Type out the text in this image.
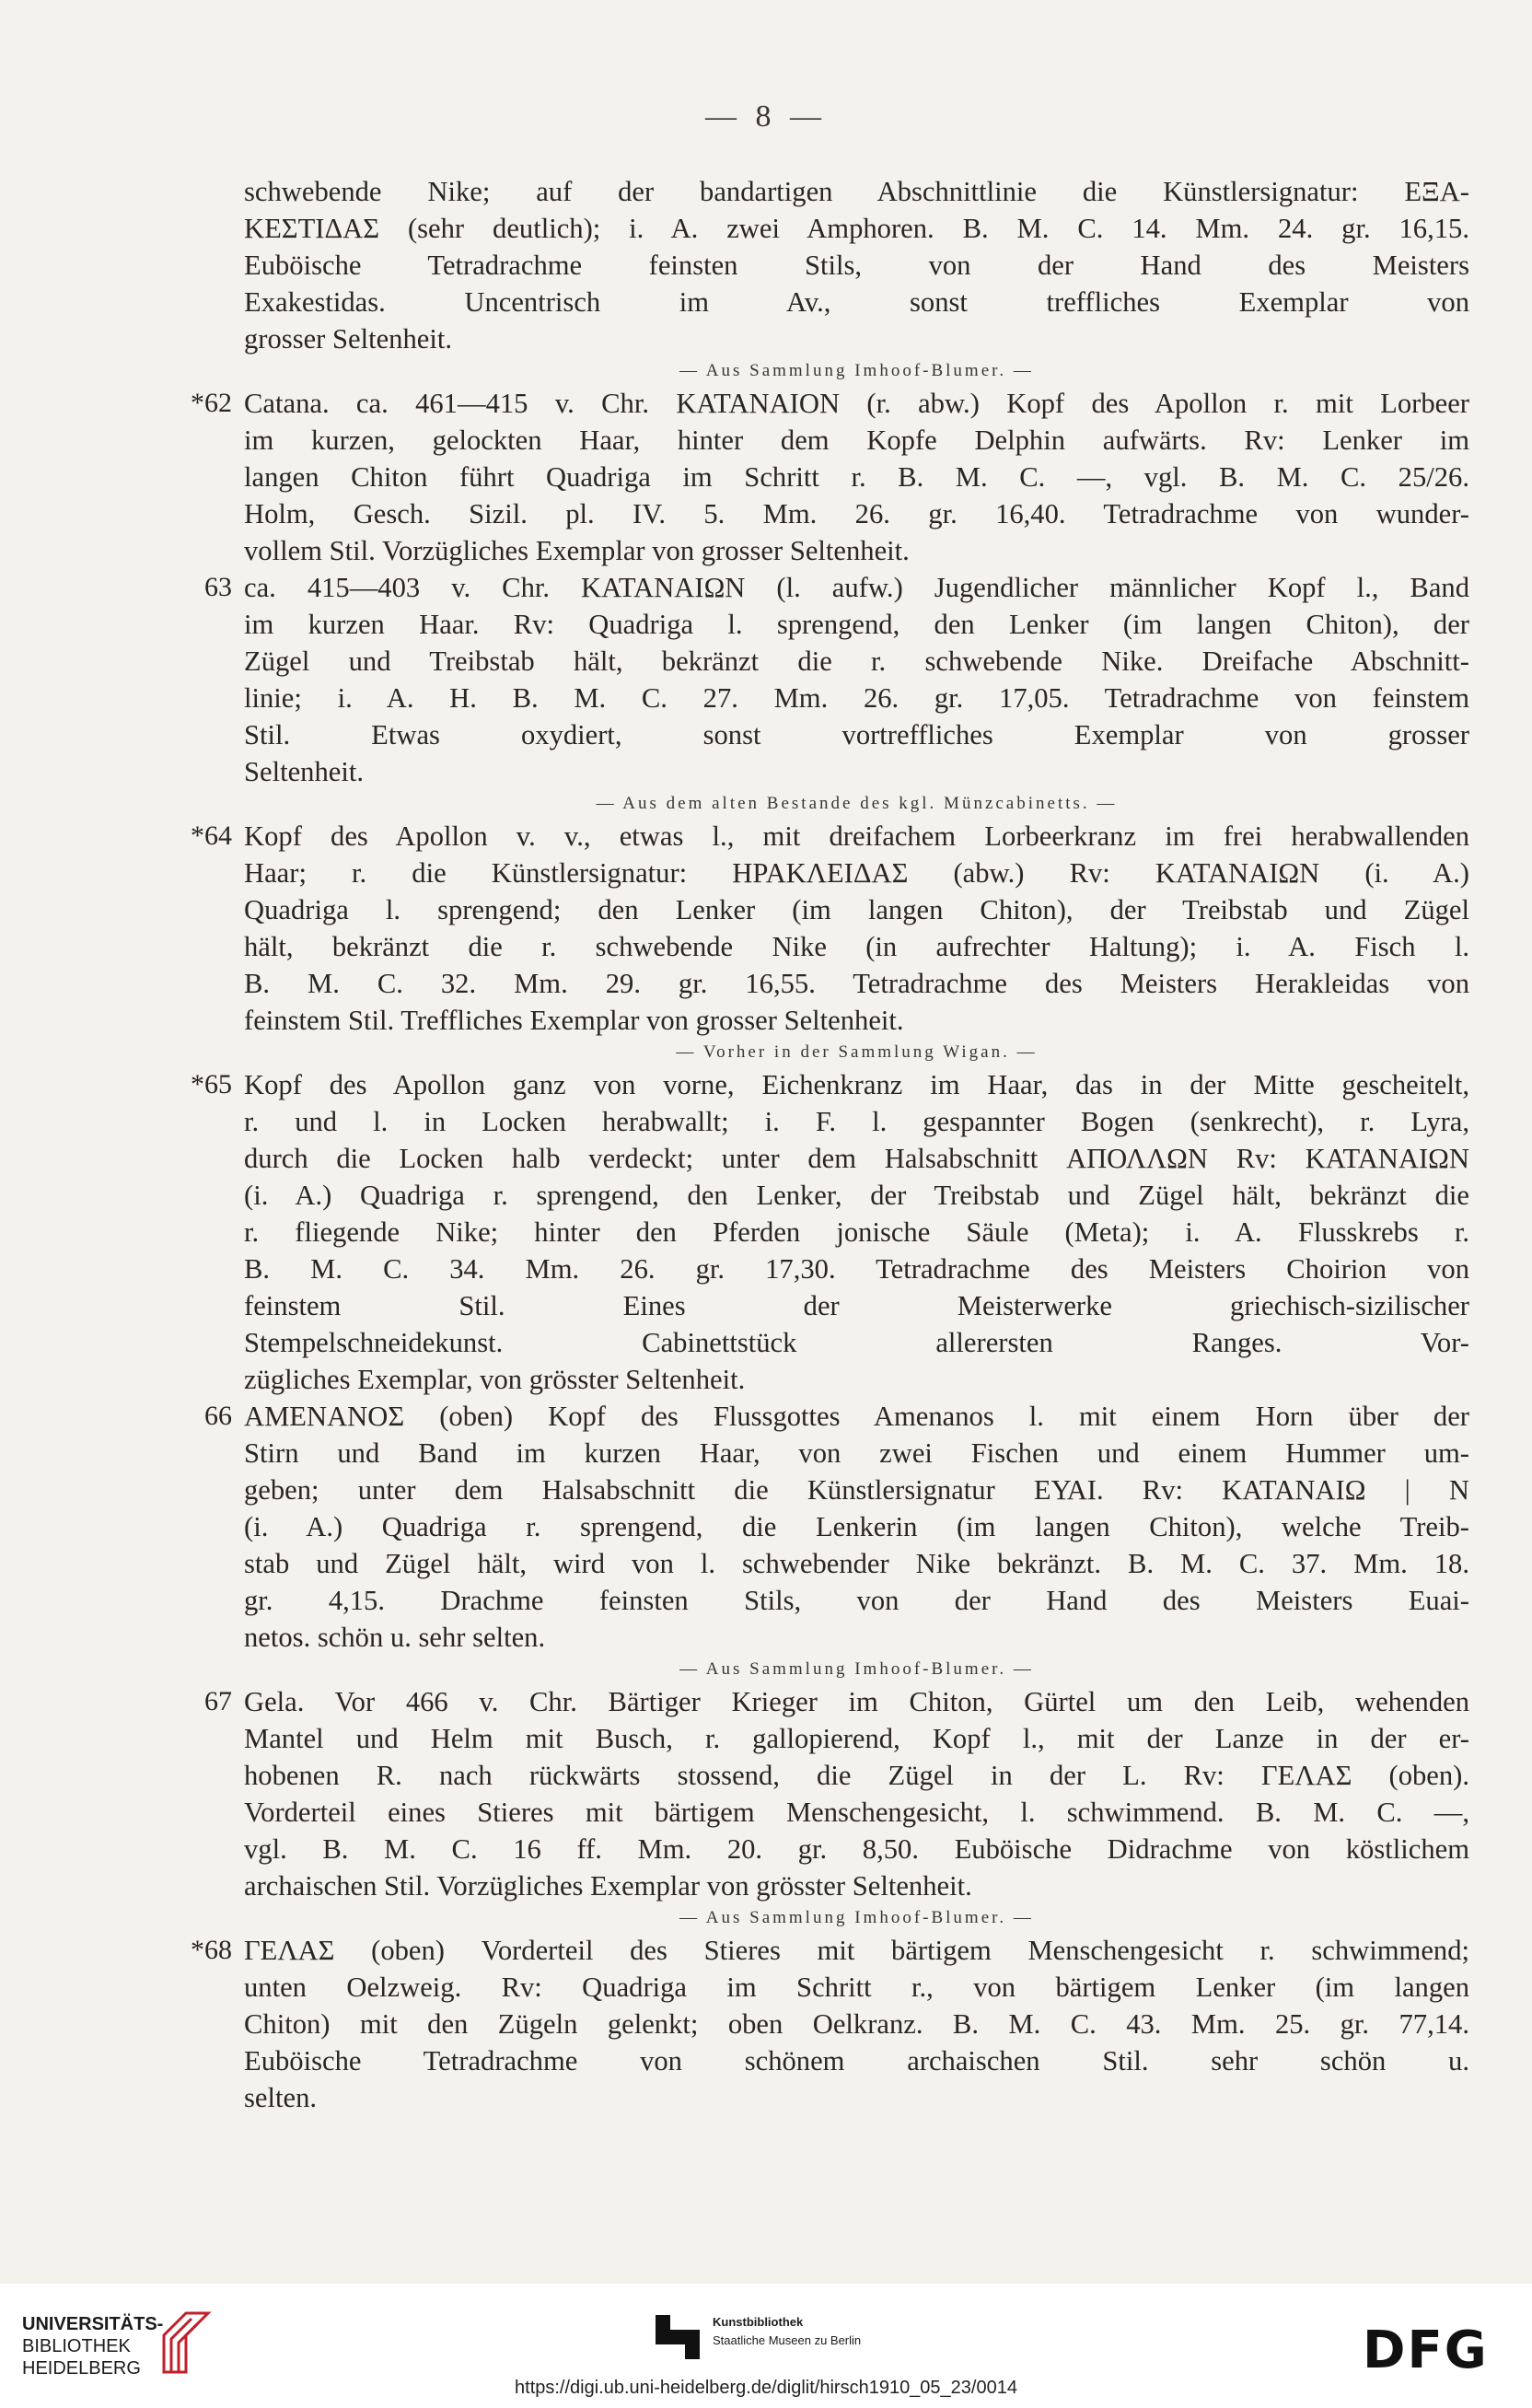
— 8 —
schwebende Nike; auf der bandartigen Abschnittlinie die Künstlersignatur: ΕΞΑ-
ΚΕΣΤΙΔΑΣ (sehr deutlich); i. A. zwei Amphoren. B. M. C. 14. Mm. 24. gr. 16,15.
Euböische Tetradrachme feinsten Stils, von der Hand des Meisters
Exakestidas. Uncentrisch im Av., sonst treffliches Exemplar von
grosser Seltenheit.
— Aus Sammlung Imhoof-Blumer. —
*62 Catana. ca. 461—415 v. Chr. ΚΑΤΑΝΑΙΟΝ (r. abw.) Kopf des Apollon r. mit Lorbeer
im kurzen, gelockten Haar, hinter dem Kopfe Delphin aufwärts. Rv: Lenker im
langen Chiton führt Quadriga im Schritt r. B. M. C. —, vgl. B. M. C. 25/26.
Holm, Gesch. Sizil. pl. IV. 5. Mm. 26. gr. 16,40. Tetradrachme von wunder-
vollem Stil. Vorzügliches Exemplar von grosser Seltenheit.
63 ca. 415—403 v. Chr. ΚΑΤΑΝΑΙΩΝ (l. aufw.) Jugendlicher männlicher Kopf l., Band
im kurzen Haar. Rv: Quadriga l. sprengend, den Lenker (im langen Chiton), der
Zügel und Treibstab hält, bekränzt die r. schwebende Nike. Dreifache Abschnitt-
linie; i. A. H. B. M. C. 27. Mm. 26. gr. 17,05. Tetradrachme von feinstem
Stil. Etwas oxydiert, sonst vortreffliches Exemplar von grosser
Seltenheit.
— Aus dem alten Bestande des kgl. Münzcabinetts. —
*64 Kopf des Apollon v. v., etwas l., mit dreifachem Lorbeerkranz im frei herabwallenden
Haar; r. die Künstlersignatur: ΗΡΑΚΛΕΙΔΑΣ (abw.) Rv: ΚΑΤΑΝΑΙΩΝ (i. A.)
Quadriga l. sprengend; den Lenker (im langen Chiton), der Treibstab und Zügel
hält, bekränzt die r. schwebende Nike (in aufrechter Haltung); i. A. Fisch l.
B. M. C. 32. Mm. 29. gr. 16,55. Tetradrachme des Meisters Herakleidas von
feinstem Stil. Treffliches Exemplar von grosser Seltenheit.
— Vorher in der Sammlung Wigan. —
*65 Kopf des Apollon ganz von vorne, Eichenkranz im Haar, das in der Mitte gescheitelt,
r. und l. in Locken herabwallt; i. F. l. gespannter Bogen (senkrecht), r. Lyra,
durch die Locken halb verdeckt; unter dem Halsabschnitt ΑΠΟΛΛΩΝ Rv: ΚΑΤΑΝΑΙΩΝ
(i. A.) Quadriga r. sprengend, den Lenker, der Treibstab und Zügel hält, bekränzt die
r. fliegende Nike; hinter den Pferden jonische Säule (Meta); i. A. Flusskrebs r.
B. M. C. 34. Mm. 26. gr. 17,30. Tetradrachme des Meisters Choirion von
feinstem Stil. Eines der Meisterwerke griechisch-sizilischer
Stempelschneidekunst. Cabinettstück allerersten Ranges. Vor-
zügliches Exemplar, von grösster Seltenheit.
66 ΑΜΕΝΑΝΟΣ (oben) Kopf des Flussgottes Amenanos l. mit einem Horn über der
Stirn und Band im kurzen Haar, von zwei Fischen und einem Hummer um-
geben; unter dem Halsabschnitt die Künstlersignatur ΕΥΑΙ. Rv: ΚΑΤΑΝΑΙΩ | Ν
(i. A.) Quadriga r. sprengend, die Lenkerin (im langen Chiton), welche Treib-
stab und Zügel hält, wird von l. schwebender Nike bekränzt. B. M. C. 37. Mm. 18.
gr. 4,15. Drachme feinsten Stils, von der Hand des Meisters Euai-
netos. schön u. sehr selten.
— Aus Sammlung Imhoof-Blumer. —
67 Gela. Vor 466 v. Chr. Bärtiger Krieger im Chiton, Gürtel um den Leib, wehenden
Mantel und Helm mit Busch, r. gallopierend, Kopf l., mit der Lanze in der er-
hobenen R. nach rückwärts stossend, die Zügel in der L. Rv: ΓΕΛΑΣ (oben).
Vorderteil eines Stieres mit bärtigem Menschengesicht, l. schwimmend. B. M. C. —,
vgl. B. M. C. 16 ff. Mm. 20. gr. 8,50. Euböische Didrachme von köstlichem
archaischen Stil. Vorzügliches Exemplar von grösster Seltenheit.
— Aus Sammlung Imhoof-Blumer. —
*68 ΓΕΛΑΣ (oben) Vorderteil des Stieres mit bärtigem Menschengesicht r. schwimmend;
unten Oelzweig. Rv: Quadriga im Schritt r., von bärtigem Lenker (im langen
Chiton) mit den Zügeln gelenkt; oben Oelkranz. B. M. C. 43. Mm. 25. gr. 77,14.
Euböische Tetradrachme von schönem archaischen Stil. sehr schön u.
selten.
UNIVERSITÄTS-
BIBLIOTHEK
HEIDELBERG
Kunstbibliothek
Staatliche Museen zu Berlin	DFG
https://digi.ub.uni-heidelberg.de/diglit/hirsch1910_05_23/0014
